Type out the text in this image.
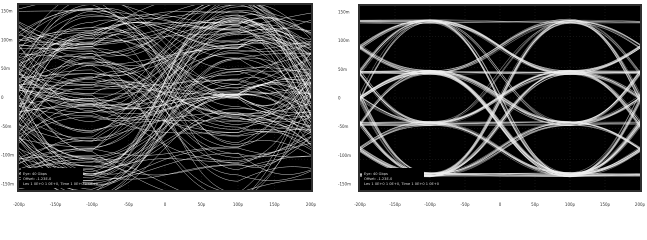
150m
100m
50m
0
-50m
-100m
-150m
-200p	-150p	-100p	-50p	0	50p	100p	150p	200p
Eye: 40 Gbps
Offset: -1.23E-0
Lev 1 0E+0 1 0E+0, Time 1 0E+0 1 0E+0
150m
100m
50m
0
-50m
-100m
-150m
-200p	-150p	-100p	-50p	0	50p	100p	150p	200p
Eye: 40 Gbps
Offset: -1.23E-0
Lev 1 0E+0 1 0E+0, Time 1 0E+0 1 0E+0
